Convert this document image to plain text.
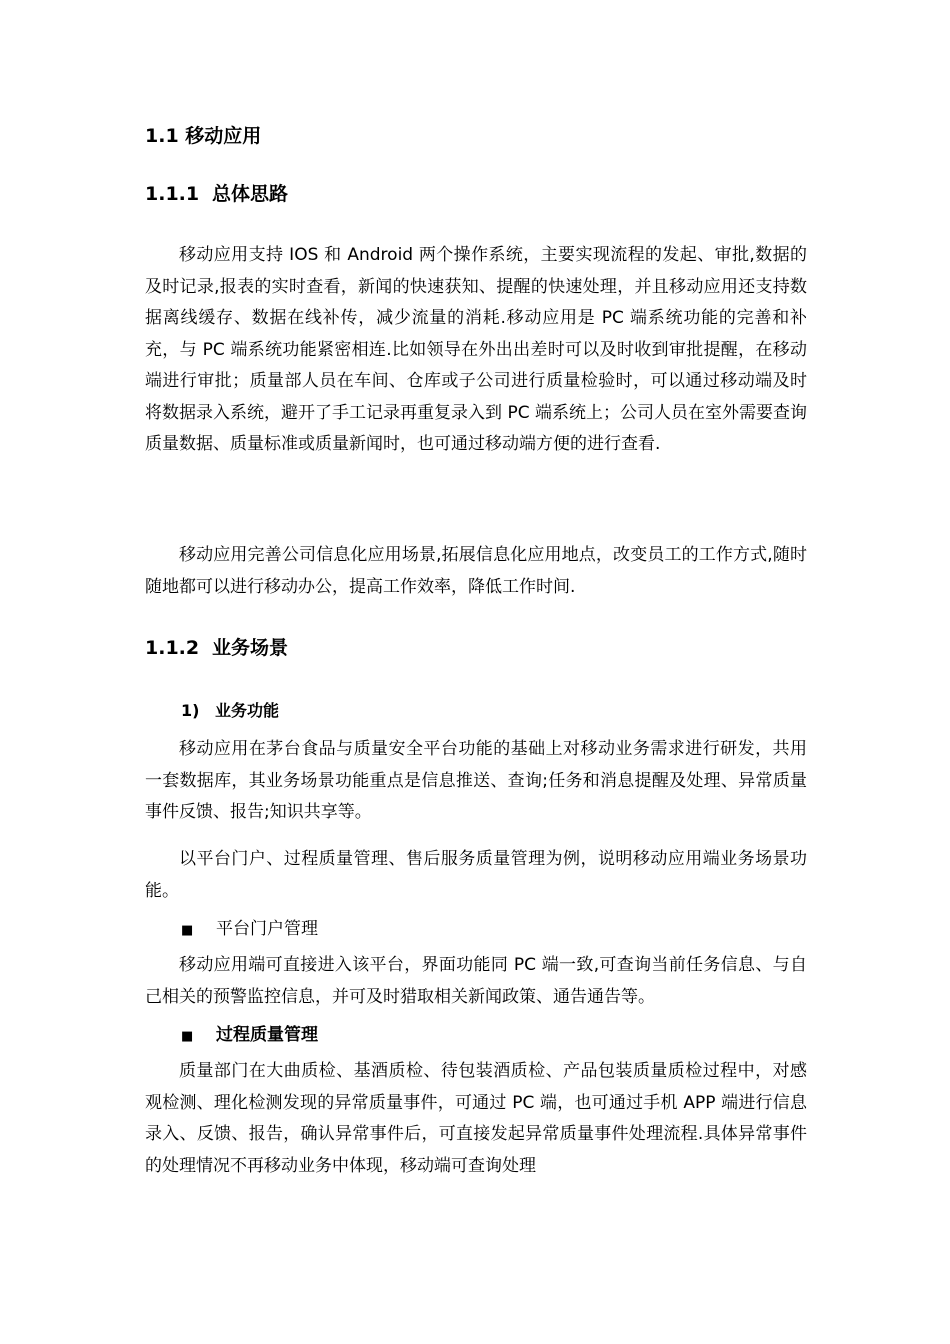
1.1 移动应用
1.1.1 总体思路
移动应用支持 IOS 和 Android 两个操作系统，主要实现流程的发起、审批,数据的及时记录,报表的实时查看，新闻的快速获知、提醒的快速处理，并且移动应用还支持数据离线缓存、数据在线补传，减少流量的消耗.移动应用是 PC 端系统功能的完善和补充，与 PC 端系统功能紧密相连.比如领导在外出出差时可以及时收到审批提醒，在移动端进行审批；质量部人员在车间、仓库或子公司进行质量检验时，可以通过移动端及时将数据录入系统，避开了手工记录再重复录入到 PC 端系统上；公司人员在室外需要查询质量数据、质量标准或质量新闻时，也可通过移动端方便的进行查看.
移动应用完善公司信息化应用场景,拓展信息化应用地点，改变员工的工作方式,随时随地都可以进行移动办公，提高工作效率，降低工作时间.
1.1.2 业务场景
1) 业务功能
移动应用在茅台食品与质量安全平台功能的基础上对移动业务需求进行研发，共用一套数据库，其业务场景功能重点是信息推送、查询;任务和消息提醒及处理、异常质量事件反馈、报告;知识共享等。
以平台门户、过程质量管理、售后服务质量管理为例，说明移动应用端业务场景功能。
■ 平台门户管理
移动应用端可直接进入该平台，界面功能同 PC 端一致,可查询当前任务信息、与自己相关的预警监控信息，并可及时猎取相关新闻政策、通告通告等。
■ 过程质量管理
质量部门在大曲质检、基酒质检、待包装酒质检、产品包装质量质检过程中，对感观检测、理化检测发现的异常质量事件，可通过 PC 端，也可通过手机 APP 端进行信息录入、反馈、报告，确认异常事件后，可直接发起异常质量事件处理流程.具体异常事件的处理情况不再移动业务中体现，移动端可查询处理
